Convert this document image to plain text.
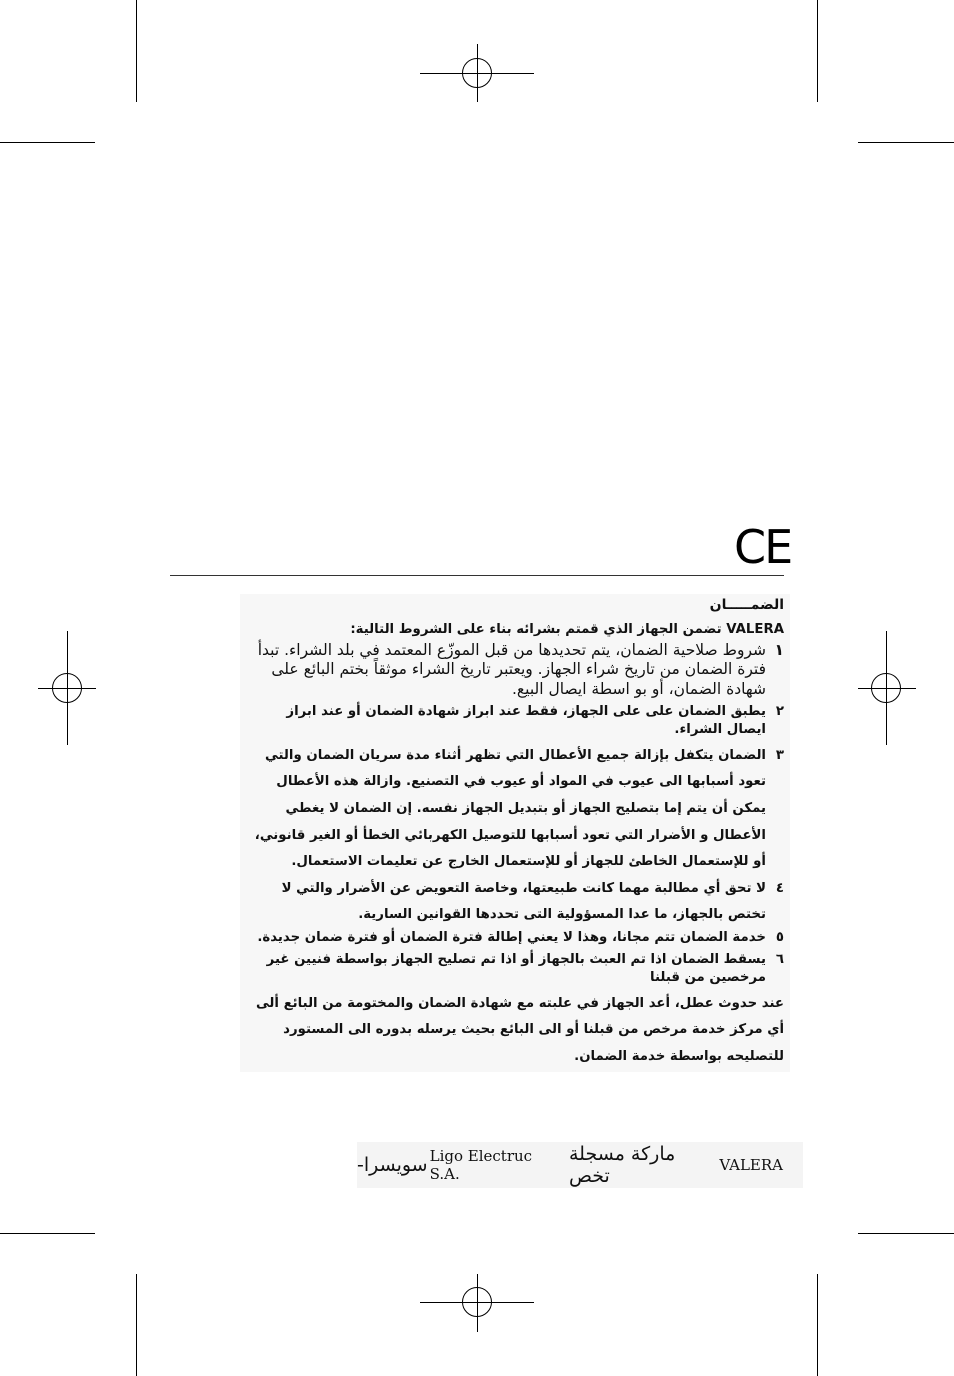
CE
الضمـــــان
VALERA تضمن الجهاز الذي قمتم بشرائه بناء على الشروط التالية:
١
شروط صلاحية الضمان، يتم تحديدها من قبل الموزّع المعتمد في بلد الشراء. تبدأ فترة الضمان من تاريخ شراء الجهاز. ويعتبر تاريخ الشراء موثقاً بختم البائع على شهادة الضمان، أو بو اسطة ايصال البيع.
٢
يطبق الضمان على على الجهاز، فقط عند ابراز شهادة الضمان أو عند ابراز ايصال الشراء.
٣
الضمان يتكفل بإزالة جميع الأعطال التي تظهر أثناء مدة سريان الضمان والتي تعود أسبابها الى عيوب في المواد أو عيوب في التصنيع. وازالة هذه الأعطال يمكن أن يتم إما بتصليح الجهاز أو بتبديل الجهاز نفسه. إن الضمان لا يغطي الأعطال و الأضرار التي تعود أسبابها للتوصيل الكهربائي الخطأ أو الغير قانوني، أو للإستعمال الخاطئ للجهاز أو للإستعمال الخارج عن تعليمات الاستعمال.
٤
لا تحق أي مطالبة مهما كانت طبيعتها، وخاصة التعويض عن الأضرار والتي لا تختص بالجهاز، ما عدا المسؤولية التى تحددها القوانين السارية.
٥
خدمة الضمان تتم مجانا، وهذا لا يعني إطالة فترة الضمان أو فترة ضمان جديدة.
٦
يسقط الضمان اذا تم العبث بالجهاز أو اذا تم تصليح الجهاز بواسطة فنيين غير مرخصين من قبلنا
عند حدوث عطل، أعد الجهاز في علبته مع شهادة الضمان والمختومة من البائع ألى أي مركز خدمة مرخص من قبلنا أو الى البائع بحيث يرسله بدوره الى المستورد للتصليحه بواسطة خدمة الضمان.
-سويسرا Ligo Electruc S.A.
ماركة مسجلة تخص	VALERA
